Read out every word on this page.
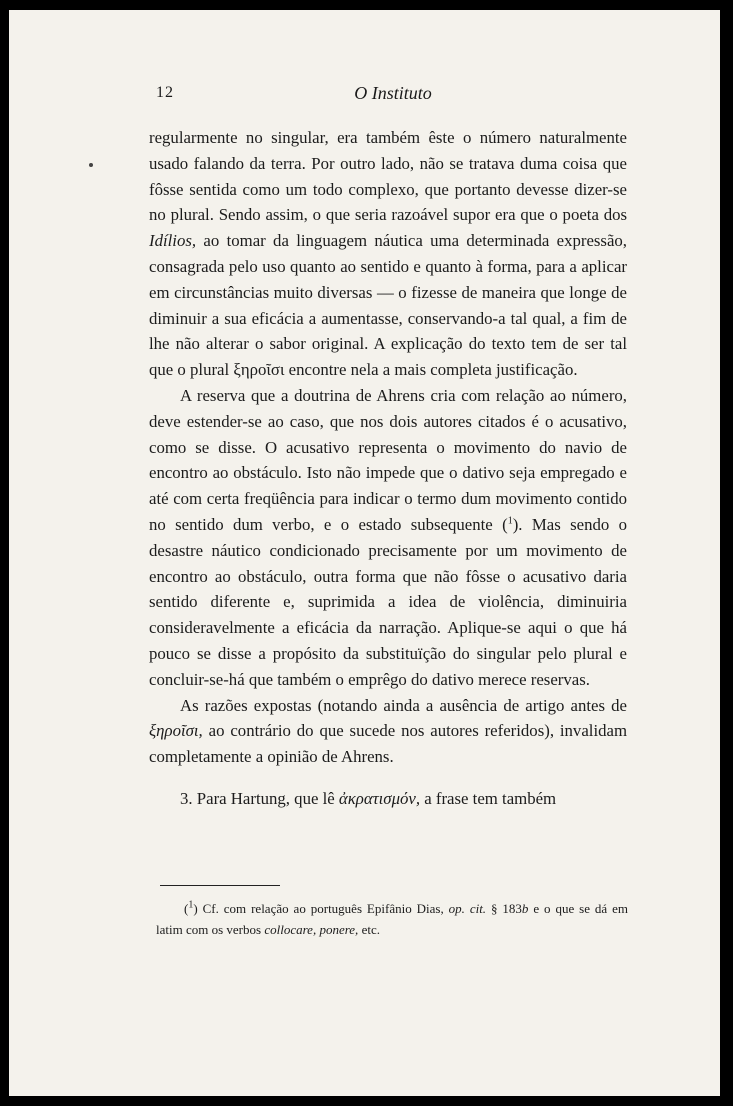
12	O Instituto

regularmente no singular, era também êste o número naturalmente usado falando da terra. Por outro lado, não se tratava duma coisa que fôsse sentida como um todo complexo, que portanto devesse dizer-se no plural. Sendo assim, o que seria razoável supor era que o poeta dos Idílios, ao tomar da linguagem náutica uma determinada expressão, consagrada pelo uso quanto ao sentido e quanto à forma, para a aplicar em circunstâncias muito diversas — o fizesse de maneira que longe de diminuir a sua eficácia a aumentasse, conservando-a tal qual, a fim de lhe não alterar o sabor original. A explicação do texto tem de ser tal que o plural ξηροῖσι encontre nela a mais completa justificação.

A reserva que a doutrina de Ahrens cria com relação ao número, deve estender-se ao caso, que nos dois autores citados é o acusativo, como se disse. O acusativo representa o movimento do navio de encontro ao obstáculo. Isto não impede que o dativo seja empregado e até com certa freqüência para indicar o termo dum movimento contido no sentido dum verbo, e o estado subsequente ($^1$). Mas sendo o desastre náutico condicionado precisamente por um movimento de encontro ao obstáculo, outra forma que não fôsse o acusativo daria sentido diferente e, suprimida a idea de violência, diminuiria consideravelmente a eficácia da narração. Aplique-se aqui o que há pouco se disse a propósito da substituïção do singular pelo plural e concluir-se-há que também o emprêgo do dativo merece reservas.

As razões expostas (notando ainda a ausência de artigo antes de ξηροῖσι, ao contrário do que sucede nos autores referidos), invalidam completamente a opinião de Ahrens.

3. Para Hartung, que lê ἀκρατισμόν, a frase tem também

($^1$) Cf. com relação ao português Epifânio Dias, op. cit. § 183b e o que se dá em latim com os verbos collocare, ponere, etc.
